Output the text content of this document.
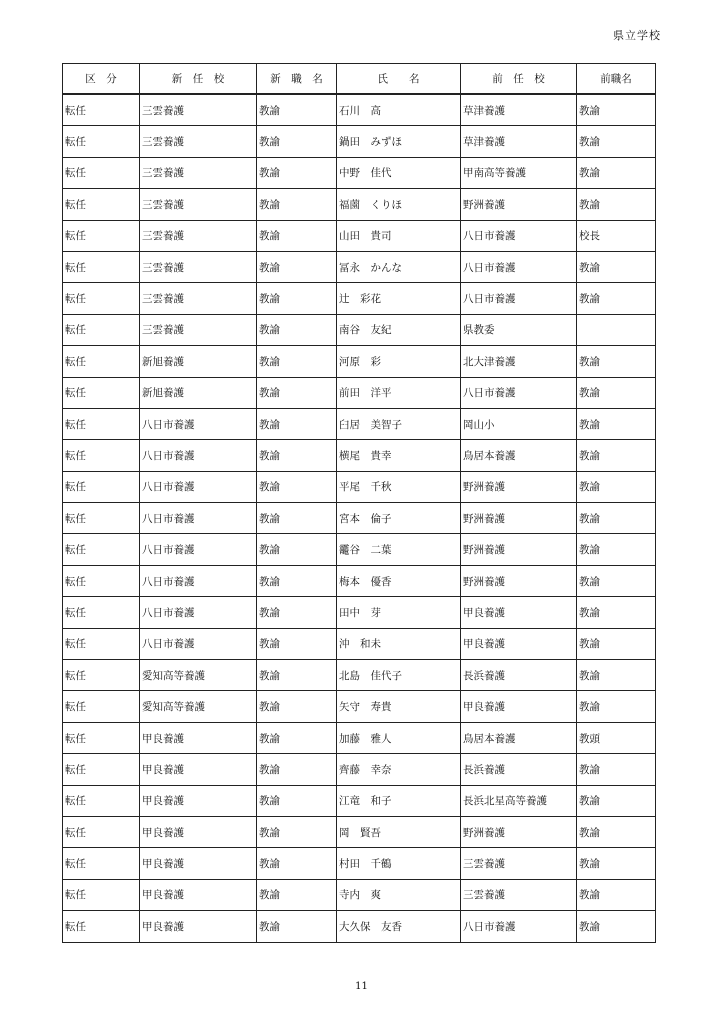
県立学校
区　分	新　任　校	新　職　名	氏　　名	前　任　校	前職名
転任	三雲養護	教諭	石川　高	草津養護	教諭
転任	三雲養護	教諭	鍋田　みずほ	草津養護	教諭
転任	三雲養護	教諭	中野　佳代	甲南高等養護	教諭
転任	三雲養護	教諭	福薗　くりほ	野洲養護	教諭
転任	三雲養護	教諭	山田　貴司	八日市養護	校長
転任	三雲養護	教諭	冨永　かんな	八日市養護	教諭
転任	三雲養護	教諭	辻　彩花	八日市養護	教諭
転任	三雲養護	教諭	南谷　友紀	県教委	
転任	新旭養護	教諭	河原　彩	北大津養護	教諭
転任	新旭養護	教諭	前田　洋平	八日市養護	教諭
転任	八日市養護	教諭	臼居　美智子	岡山小	教諭
転任	八日市養護	教諭	横尾　貴幸	鳥居本養護	教諭
転任	八日市養護	教諭	平尾　千秋	野洲養護	教諭
転任	八日市養護	教諭	宮本　倫子	野洲養護	教諭
転任	八日市養護	教諭	龗谷　二葉	野洲養護	教諭
転任	八日市養護	教諭	梅本　優香	野洲養護	教諭
転任	八日市養護	教諭	田中　芽	甲良養護	教諭
転任	八日市養護	教諭	沖　和未	甲良養護	教諭
転任	愛知高等養護	教諭	北島　佳代子	長浜養護	教諭
転任	愛知高等養護	教諭	矢守　寿貴	甲良養護	教諭
転任	甲良養護	教諭	加藤　雅人	鳥居本養護	教頭
転任	甲良養護	教諭	齊藤　幸奈	長浜養護	教諭
転任	甲良養護	教諭	江竜　和子	長浜北星高等養護	教諭
転任	甲良養護	教諭	岡　賢吾	野洲養護	教諭
転任	甲良養護	教諭	村田　千鶴	三雲養護	教諭
転任	甲良養護	教諭	寺内　爽	三雲養護	教諭
転任	甲良養護	教諭	大久保　友香	八日市養護	教諭
11
